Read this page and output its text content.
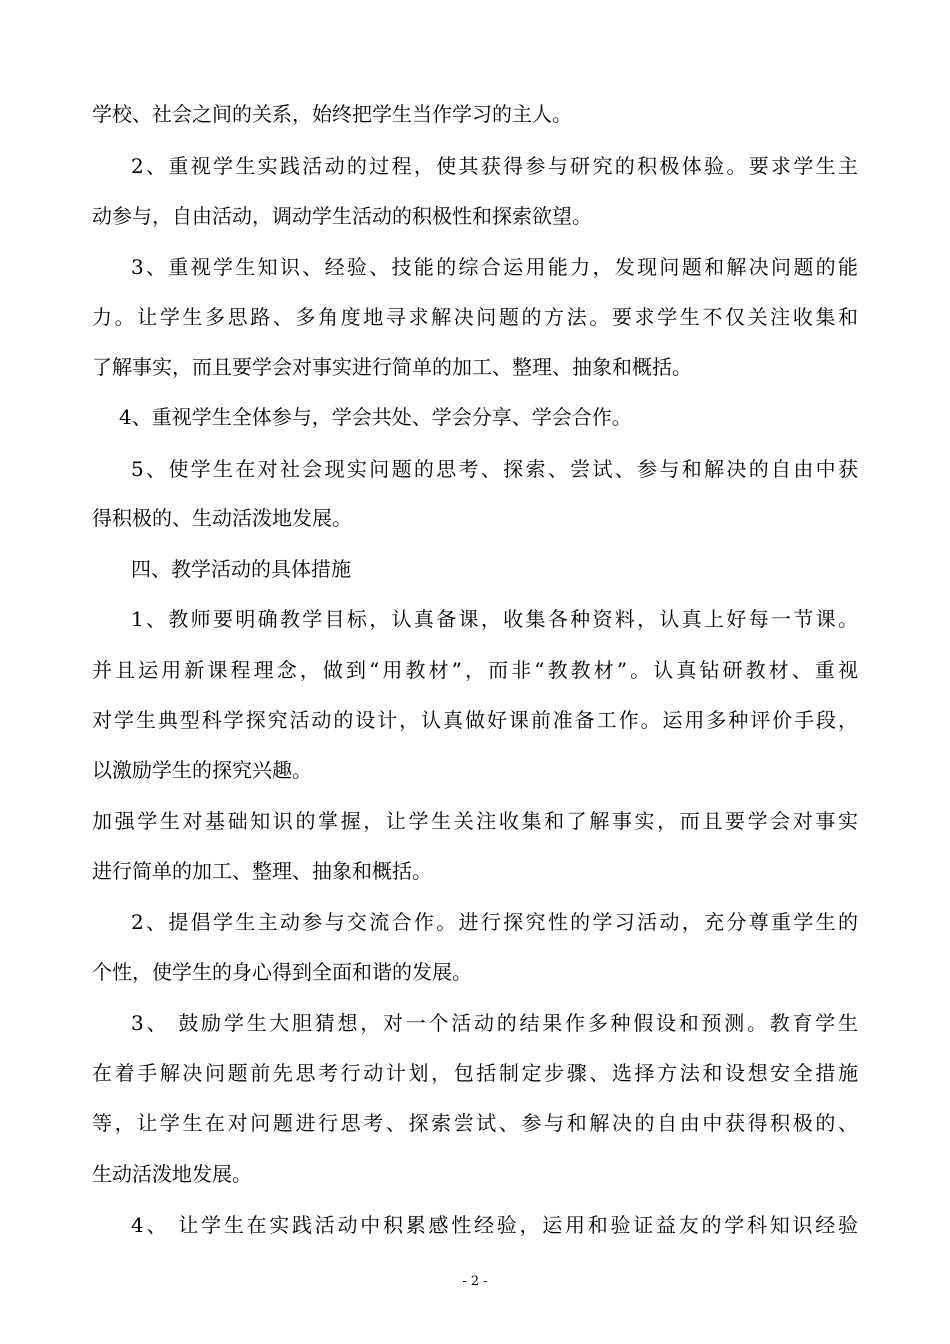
学校、社会之间的关系，始终把学生当作学习的主人。
2、重视学生实践活动的过程，使其获得参与研究的积极体验。要求学生主
动参与，自由活动，调动学生活动的积极性和探索欲望。
3、重视学生知识、经验、技能的综合运用能力，发现问题和解决问题的能
力。让学生多思路、多角度地寻求解决问题的方法。要求学生不仅关注收集和
了解事实，而且要学会对事实进行简单的加工、整理、抽象和概括。
4、重视学生全体参与，学会共处、学会分享、学会合作。
5、使学生在对社会现实问题的思考、探索、尝试、参与和解决的自由中获
得积极的、生动活泼地发展。
四、教学活动的具体措施
1、教师要明确教学目标，认真备课，收集各种资料，认真上好每一节课。
并且运用新课程理念，做到“用教材”，而非“教教材”。认真钻研教材、重视
对学生典型科学探究活动的设计，认真做好课前准备工作。运用多种评价手段，
以激励学生的探究兴趣。
加强学生对基础知识的掌握，让学生关注收集和了解事实，而且要学会对事实
进行简单的加工、整理、抽象和概括。
2、提倡学生主动参与交流合作。进行探究性的学习活动，充分尊重学生的
个性，使学生的身心得到全面和谐的发展。
3、 鼓励学生大胆猜想，对一个活动的结果作多种假设和预测。教育学生
在着手解决问题前先思考行动计划，包括制定步骤、选择方法和设想安全措施
等，让学生在对问题进行思考、探索尝试、参与和解决的自由中获得积极的、
生动活泼地发展。
4、 让学生在实践活动中积累感性经验，运用和验证益友的学科知识经验
- 2 -
